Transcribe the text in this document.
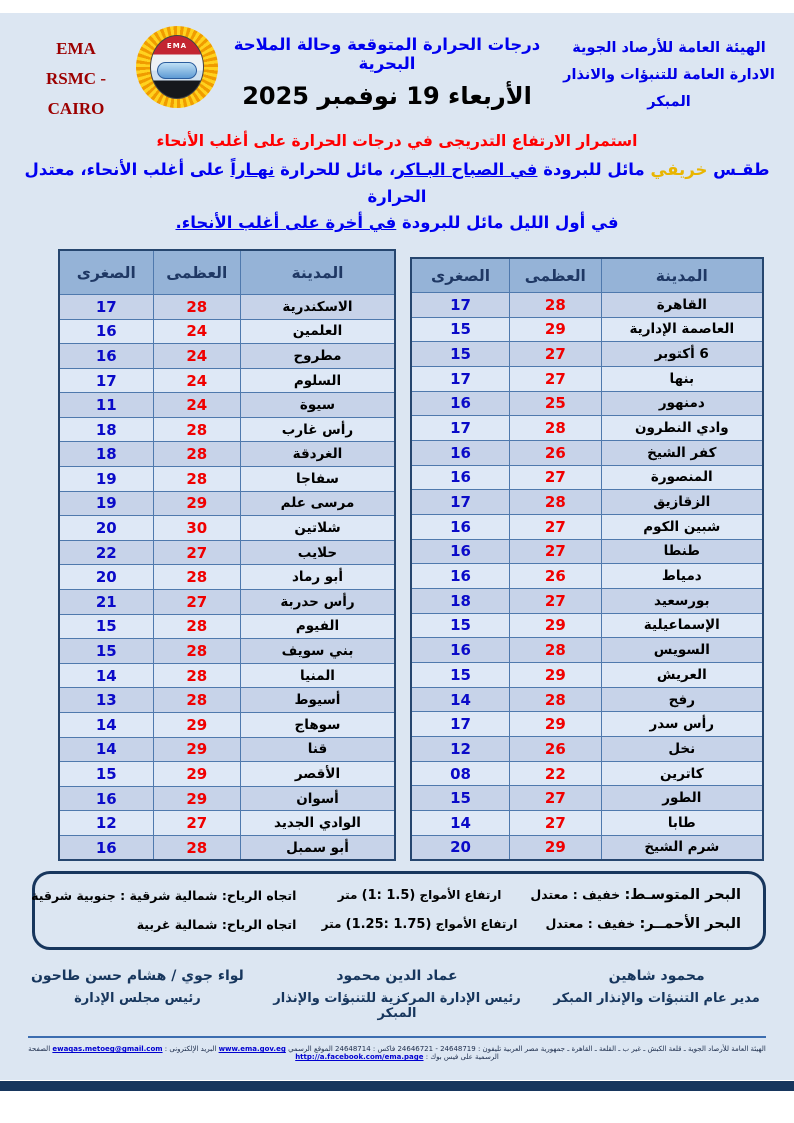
EMA
RSMC - CAIRO
EMA	درجات الحرارة المتوقعة وحالة الملاحة البحرية
الأربعاء 19 نوفمبر 2025
الهيئة العامة للأرصاد الجوية
الادارة العامة للتنبؤات والانذار المبكر
استمرار الارتفاع التدريجى في درجات الحرارة على أغلب الأنحاء
طقـس خريفي مائل للبرودة في الصباح البـاكر، مائل للحرارة نهـاراً على أغلب الأنحاء، معتدل الحرارة
في أول الليل مائل للبرودة في أخرة على أغلب الأنحاء.
المدينة	العظمى	الصغرى
القاهرة	28	17
العاصمة الإدارية	29	15
6 أكتوبر	27	15
بنها	27	17
دمنهور	25	16
وادي النطرون	28	17
كفر الشيخ	26	16
المنصورة	27	16
الزقازيق	28	17
شبين الكوم	27	16
طنطا	27	16
دمياط	26	16
بورسعيد	27	18
الإسماعيلية	29	15
السويس	28	16
العريش	29	15
رفح	28	14
رأس سدر	29	17
نخل	26	12
كاترين	22	08
الطور	27	15
طابا	27	14
شرم الشيخ	29	20
المدينة	العظمى	الصغرى
الاسكندرية	28	17
العلمين	24	16
مطروح	24	16
السلوم	24	17
سيوة	24	11
رأس غارب	28	18
الغردقة	28	18
سفاجا	28	19
مرسى علم	29	19
شلاتين	30	20
حلايب	27	22
أبو رماد	28	20
رأس حدربة	27	21
الفيوم	28	15
بني سويف	28	15
المنيا	28	14
أسيوط	28	13
سوهاج	29	14
قنا	29	14
الأقصر	29	15
أسوان	29	16
الوادي الجديد	27	12
أبو سمبل	28	16
البحر المتوسـط: خفيف : معتدل
ارتفاع الأمواج (1: 1.5) متر
اتجاه الرياح: شمالية شرقية : جنوبية شرقية
البحر الأحمــر: خفيف : معتدل
ارتفاع الأمواج (1.25: 1.75) متر
اتجاه الرياح: شمالية غربية
محمود شاهين
مدير عام التنبؤات والإنذار المبكر
عماد الدين محمود
رئيس الإدارة المركزية للتنبؤات والإنذار المبكر
لواء جوي / هشام حسن طاحون
رئيس مجلس الإدارة
الهيئة العامة للأرصاد الجوية ـ قلعة الكبش ـ غير ب ـ القلعة ـ القاهرة ـ جمهورية مصر العربية تليفون : 24648719 - 24646721 فاكس : 24648714 الموقع الرسمي www.ema.gov.eg البريد الإلكترونى : ewaqas.metoeg@gmail.com الصفحة الرسمية على فيس بوك : http://a.facebook.com/ema.page
